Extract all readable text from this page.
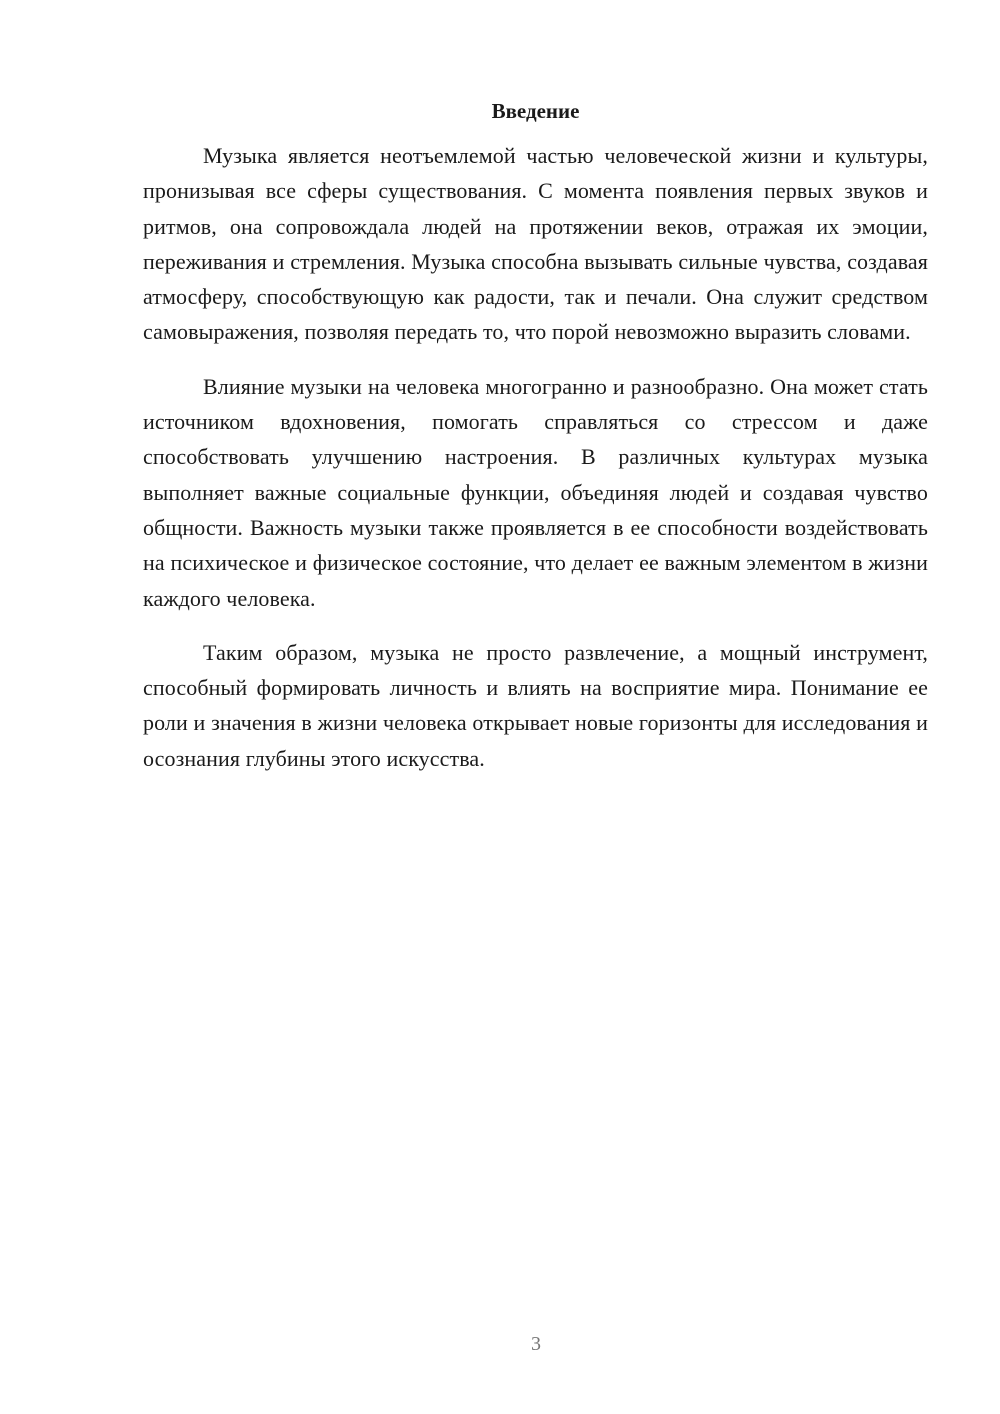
Введение

Музыка является неотъемлемой частью человеческой жизни и культуры, пронизывая все сферы существования. С момента появления первых звуков и ритмов, она сопровождала людей на протяжении веков, отражая их эмоции, переживания и стремления. Музыка способна вызывать сильные чувства, создавая атмосферу, способствующую как радости, так и печали. Она служит средством самовыражения, позволяя передать то, что порой невозможно выразить словами.

Влияние музыки на человека многогранно и разнообразно. Она может стать источником вдохновения, помогать справляться со стрессом и даже способствовать улучшению настроения. В различных культурах музыка выполняет важные социальные функции, объединяя людей и создавая чувство общности. Важность музыки также проявляется в ее способности воздействовать на психическое и физическое состояние, что делает ее важным элементом в жизни каждого человека.

Таким образом, музыка не просто развлечение, а мощный инструмент, способный формировать личность и влиять на восприятие мира. Понимание ее роли и значения в жизни человека открывает новые горизонты для исследования и осознания глубины этого искусства.

3
